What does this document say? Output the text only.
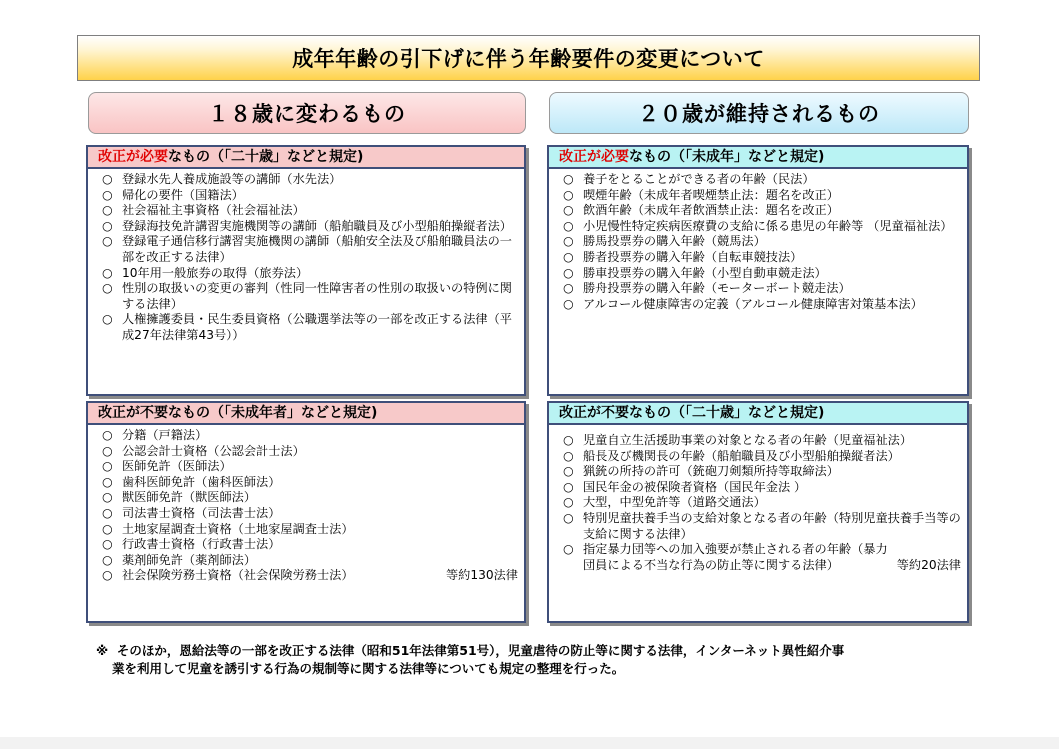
成年年齢の引下げに伴う年齢要件の変更について
１８歳に変わるもの	２０歳が維持されるもの
改正が必要なもの（「二十歳」などと規定)
○ 登録水先人養成施設等の講師（水先法）
○ 帰化の要件（国籍法）
○ 社会福祉主事資格（社会福祉法）
○ 登録海技免許講習実施機関等の講師（船舶職員及び小型船舶操縦者法）
○ 登録電子通信移行講習実施機関の講師（船舶安全法及び船舶職員法の一部を改正する法律）
○ 10年用一般旅券の取得（旅券法）
○ 性別の取扱いの変更の審判（性同一性障害者の性別の取扱いの特例に関する法律）
○ 人権擁護委員・民生委員資格（公職選挙法等の一部を改正する法律（平成27年法律第43号））
改正が必要なもの（「未成年」などと規定)
○ 養子をとることができる者の年齢（民法）
○ 喫煙年齢（未成年者喫煙禁止法：題名を改正）
○ 飲酒年齢（未成年者飲酒禁止法：題名を改正）
○ 小児慢性特定疾病医療費の支給に係る患児の年齢等 （児童福祉法）
○ 勝馬投票券の購入年齢（競馬法）
○ 勝者投票券の購入年齢（自転車競技法）
○ 勝車投票券の購入年齢（小型自動車競走法）
○ 勝舟投票券の購入年齢（モーターボート競走法）
○ アルコール健康障害の定義（アルコール健康障害対策基本法）
改正が不要なもの（「未成年者」などと規定)
○ 分籍（戸籍法）
○ 公認会計士資格（公認会計士法）
○ 医師免許（医師法）
○ 歯科医師免許（歯科医師法）
○ 獣医師免許（獣医師法）
○ 司法書士資格（司法書士法）
○ 土地家屋調査士資格（土地家屋調査士法）
○ 行政書士資格（行政書士法）
○ 薬剤師免許（薬剤師法）
○ 社会保険労務士資格（社会保険労務士法）	等約130法律
改正が不要なもの（「二十歳」などと規定)
○ 児童自立生活援助事業の対象となる者の年齢（児童福祉法）
○ 船長及び機関長の年齢（船舶職員及び小型船舶操縦者法）
○ 猟銃の所持の許可（銃砲刀剣類所持等取締法）
○ 国民年金の被保険者資格（国民年金法 ）
○ 大型，中型免許等（道路交通法）
○ 特別児童扶養手当の支給対象となる者の年齢（特別児童扶養手当等の支給に関する法律）
○ 指定暴力団等への加入強要が禁止される者の年齢（暴力団員による不当な行為の防止等に関する法律）	等約20法律
※ そのほか，恩給法等の一部を改正する法律（昭和51年法律第51号），児童虐待の防止等に関する法律，インターネット異性紹介事
業を利用して児童を誘引する行為の規制等に関する法律等についても規定の整理を行った。
